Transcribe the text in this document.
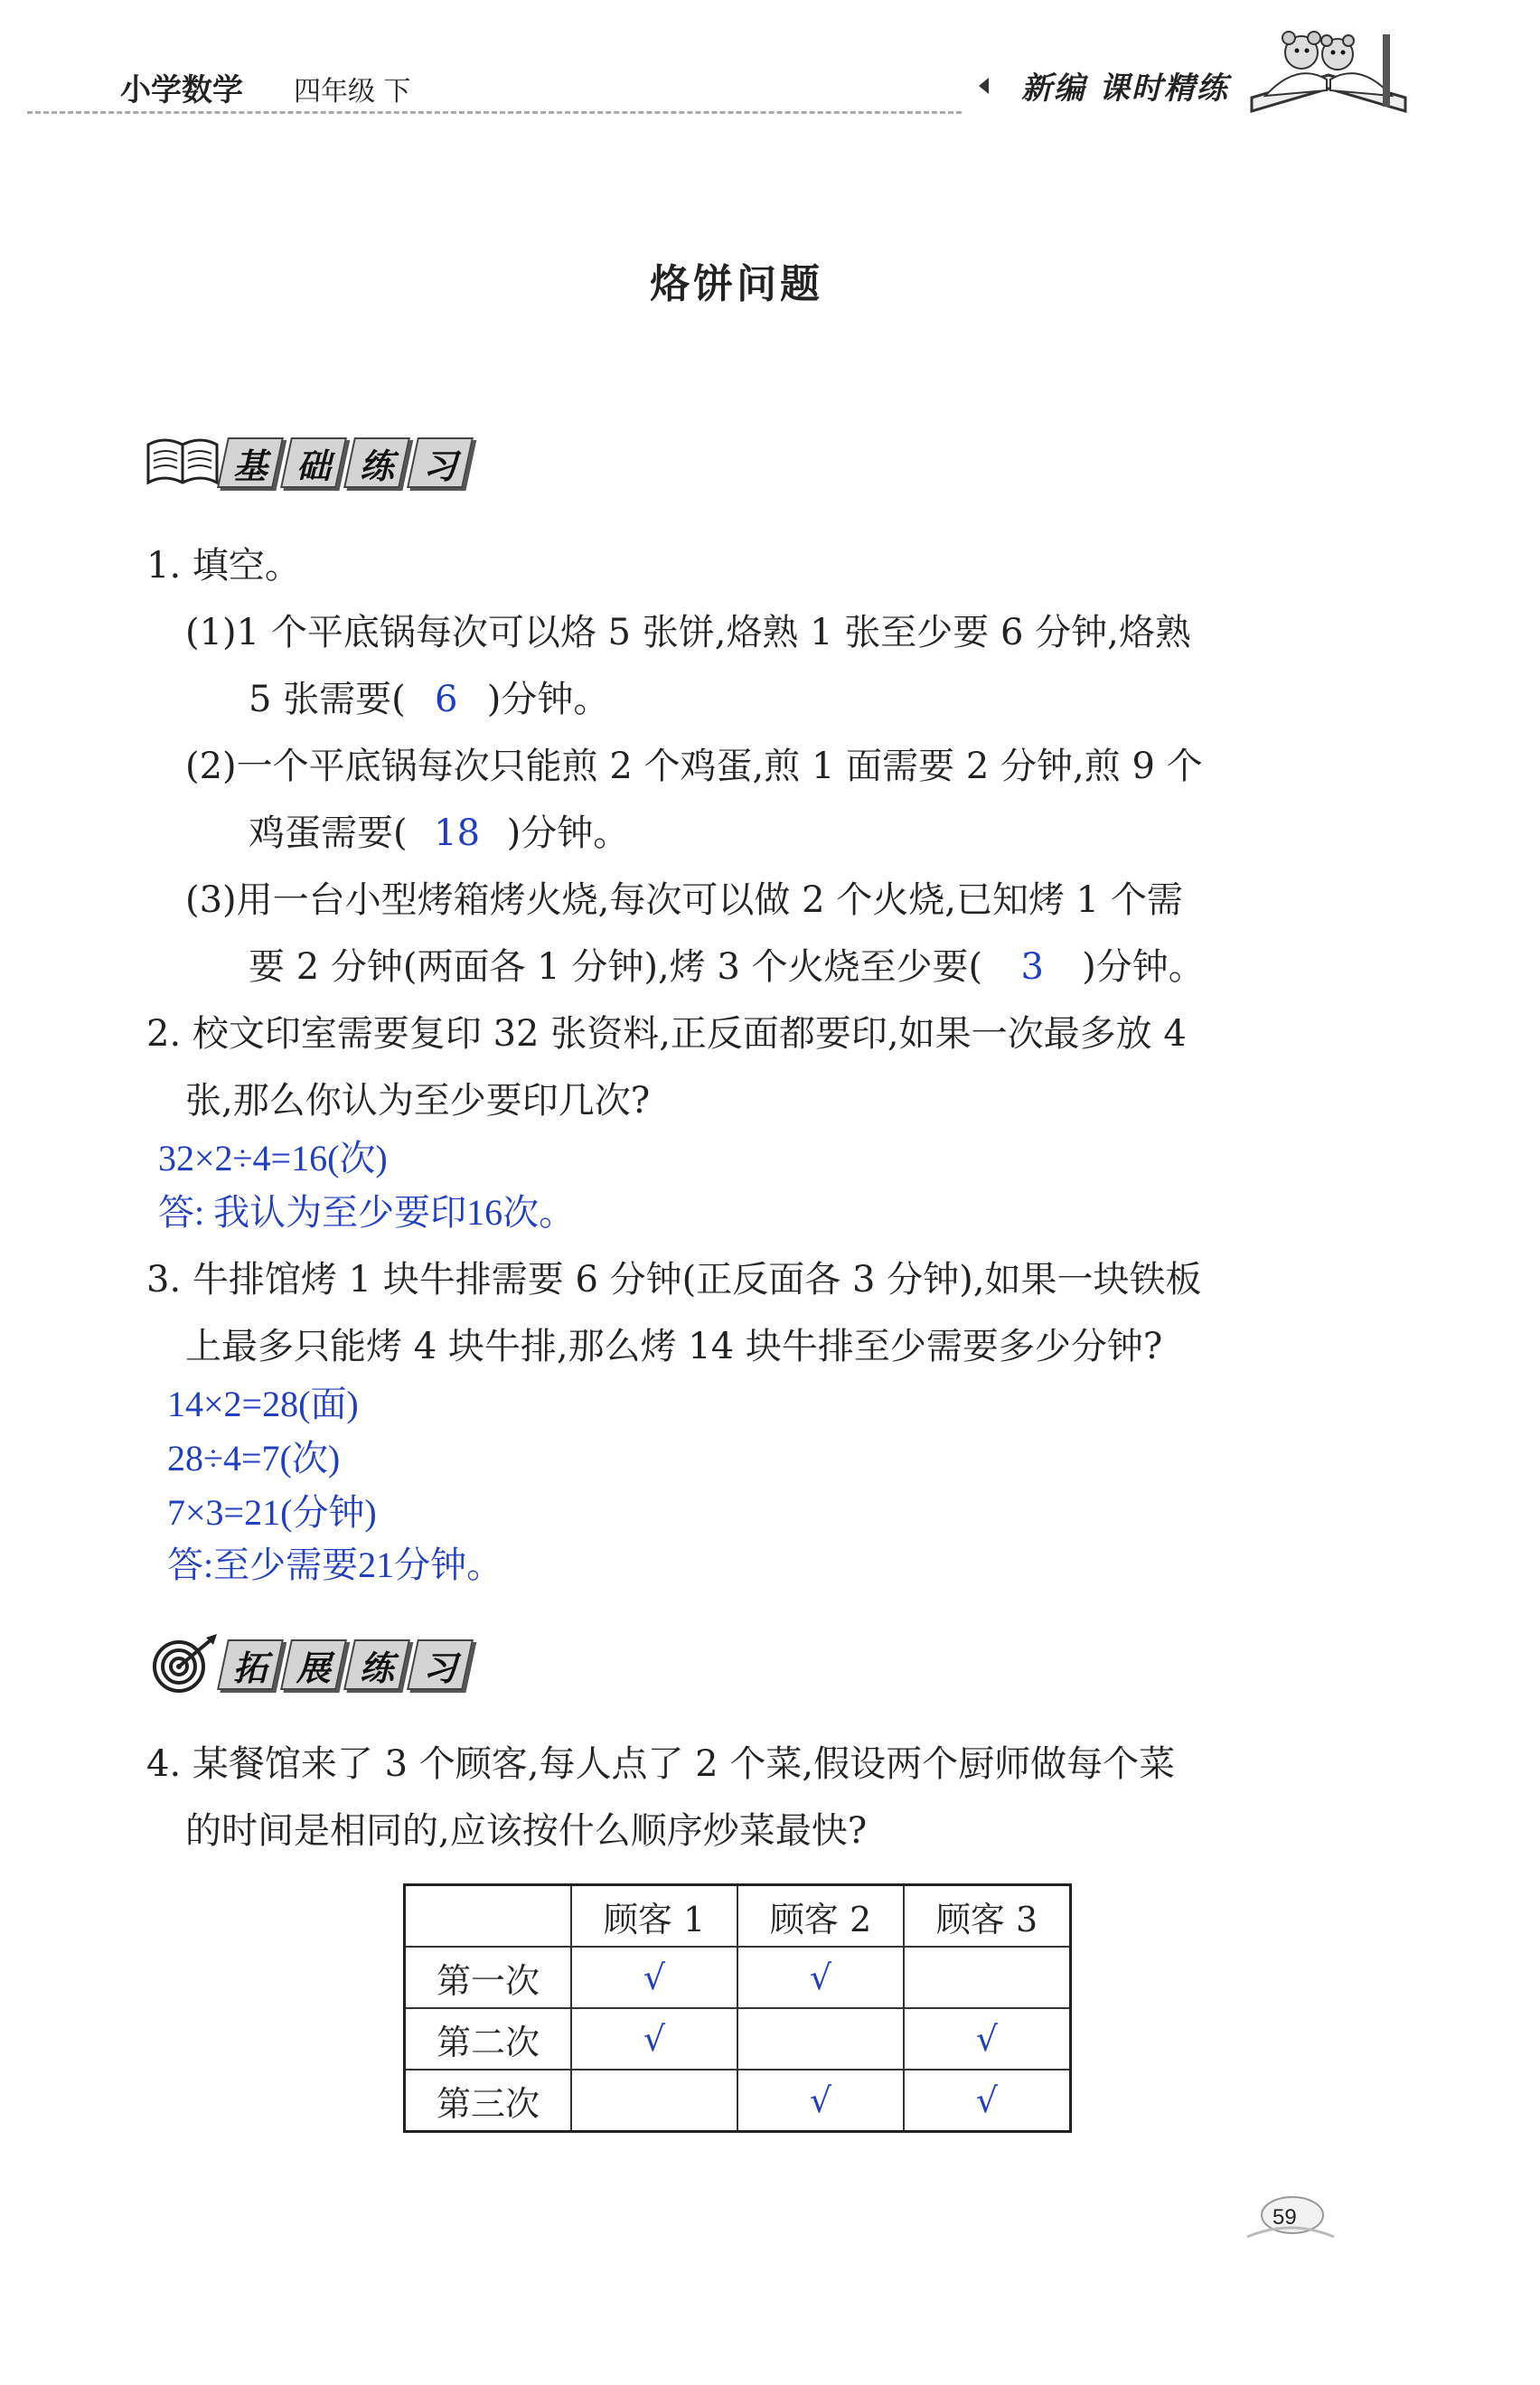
小学数学 四年级 下	新编 课时精练
烙饼问题
基 础 练 习
1. 填空。
(1)1 个平底锅每次可以烙 5 张饼,烙熟 1 张至少要 6 分钟,烙熟
5 张需要( 6 )分钟。
(2)一个平底锅每次只能煎 2 个鸡蛋,煎 1 面需要 2 分钟,煎 9 个
鸡蛋需要( 18 )分钟。
(3)用一台小型烤箱烤火烧,每次可以做 2 个火烧,已知烤 1 个需
要 2 分钟(两面各 1 分钟),烤 3 个火烧至少要( 3 )分钟。
2. 校文印室需要复印 32 张资料,正反面都要印,如果一次最多放 4
张,那么你认为至少要印几次?
32×2÷4=16(次)
答: 我认为至少要印16次。
3. 牛排馆烤 1 块牛排需要 6 分钟(正反面各 3 分钟),如果一块铁板
上最多只能烤 4 块牛排,那么烤 14 块牛排至少需要多少分钟?
14×2=28(面)
28÷4=7(次)
7×3=21(分钟)
答:至少需要21分钟。
拓 展 练 习
4. 某餐馆来了 3 个顾客,每人点了 2 个菜,假设两个厨师做每个菜
的时间是相同的,应该按什么顺序炒菜最快?
	顾客 1	顾客 2	顾客 3
第一次	√	√	
第二次	√		√
第三次		√	√
59
